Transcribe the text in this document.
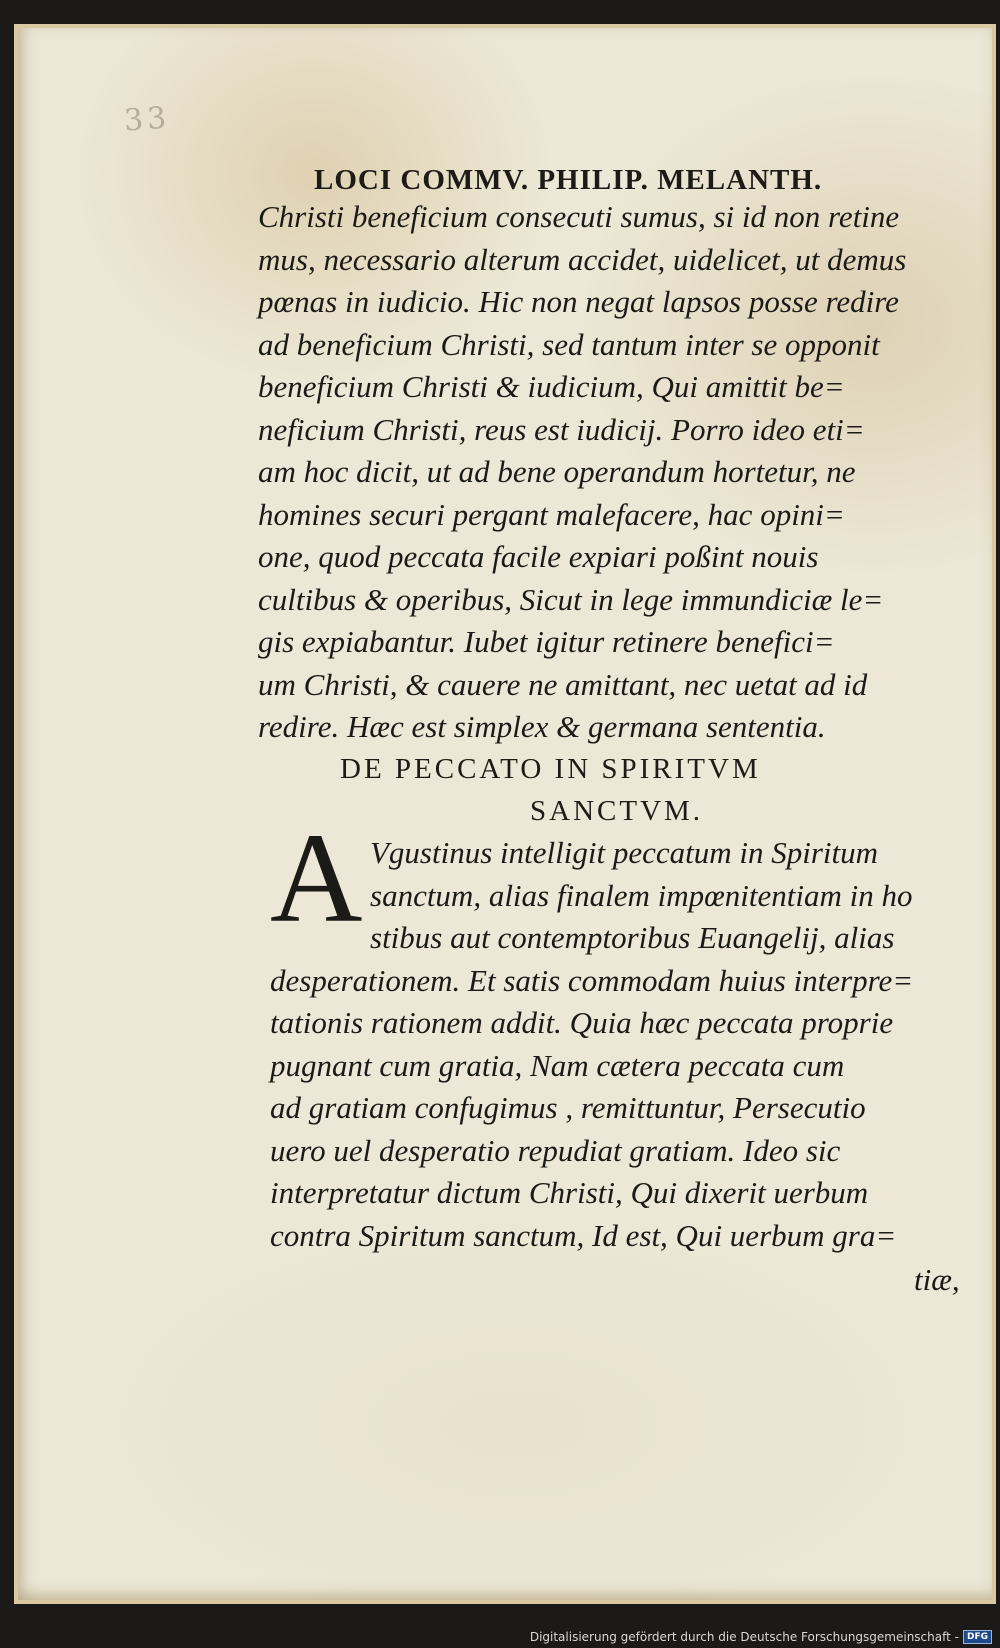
33
LOCI COMMV. PHILIP. MELANTH.
Christi beneficium consecuti sumus, si id non retine
mus, necessario alterum accidet, uidelicet, ut demus
pœnas in iudicio. Hic non negat lapsos posse redire
ad beneficium Christi, sed tantum inter se opponit
beneficium Christi & iudicium, Qui amittit be=
neficium Christi, reus est iudicij. Porro ideo eti=
am hoc dicit, ut ad bene operandum hortetur, ne
homines securi pergant malefacere, hac opini=
one, quod peccata facile expiari poßint nouis
cultibus & operibus, Sicut in lege immundiciæ le=
gis expiabantur. Iubet igitur retinere benefici=
um Christi, & cauere ne amittant, nec uetat ad id
redire. Hæc est simplex & germana sententia.
DE PECCATO IN SPIRITVM
SANCTVM.
A Vgustinus intelligit peccatum in Spiritum
sanctum, alias finalem impœnitentiam in ho
stibus aut contemptoribus Euangelij, alias
desperationem. Et satis commodam huius interpre=
tationis rationem addit. Quia hæc peccata proprie
pugnant cum gratia, Nam cætera peccata cum
ad gratiam confugimus , remittuntur, Persecutio
uero uel desperatio repudiat gratiam. Ideo sic
interpretatur dictum Christi, Qui dixerit uerbum
contra Spiritum sanctum, Id est, Qui uerbum gra=
tiæ,
Digitalisierung gefördert durch die Deutsche Forschungsgemeinschaft - DFG
